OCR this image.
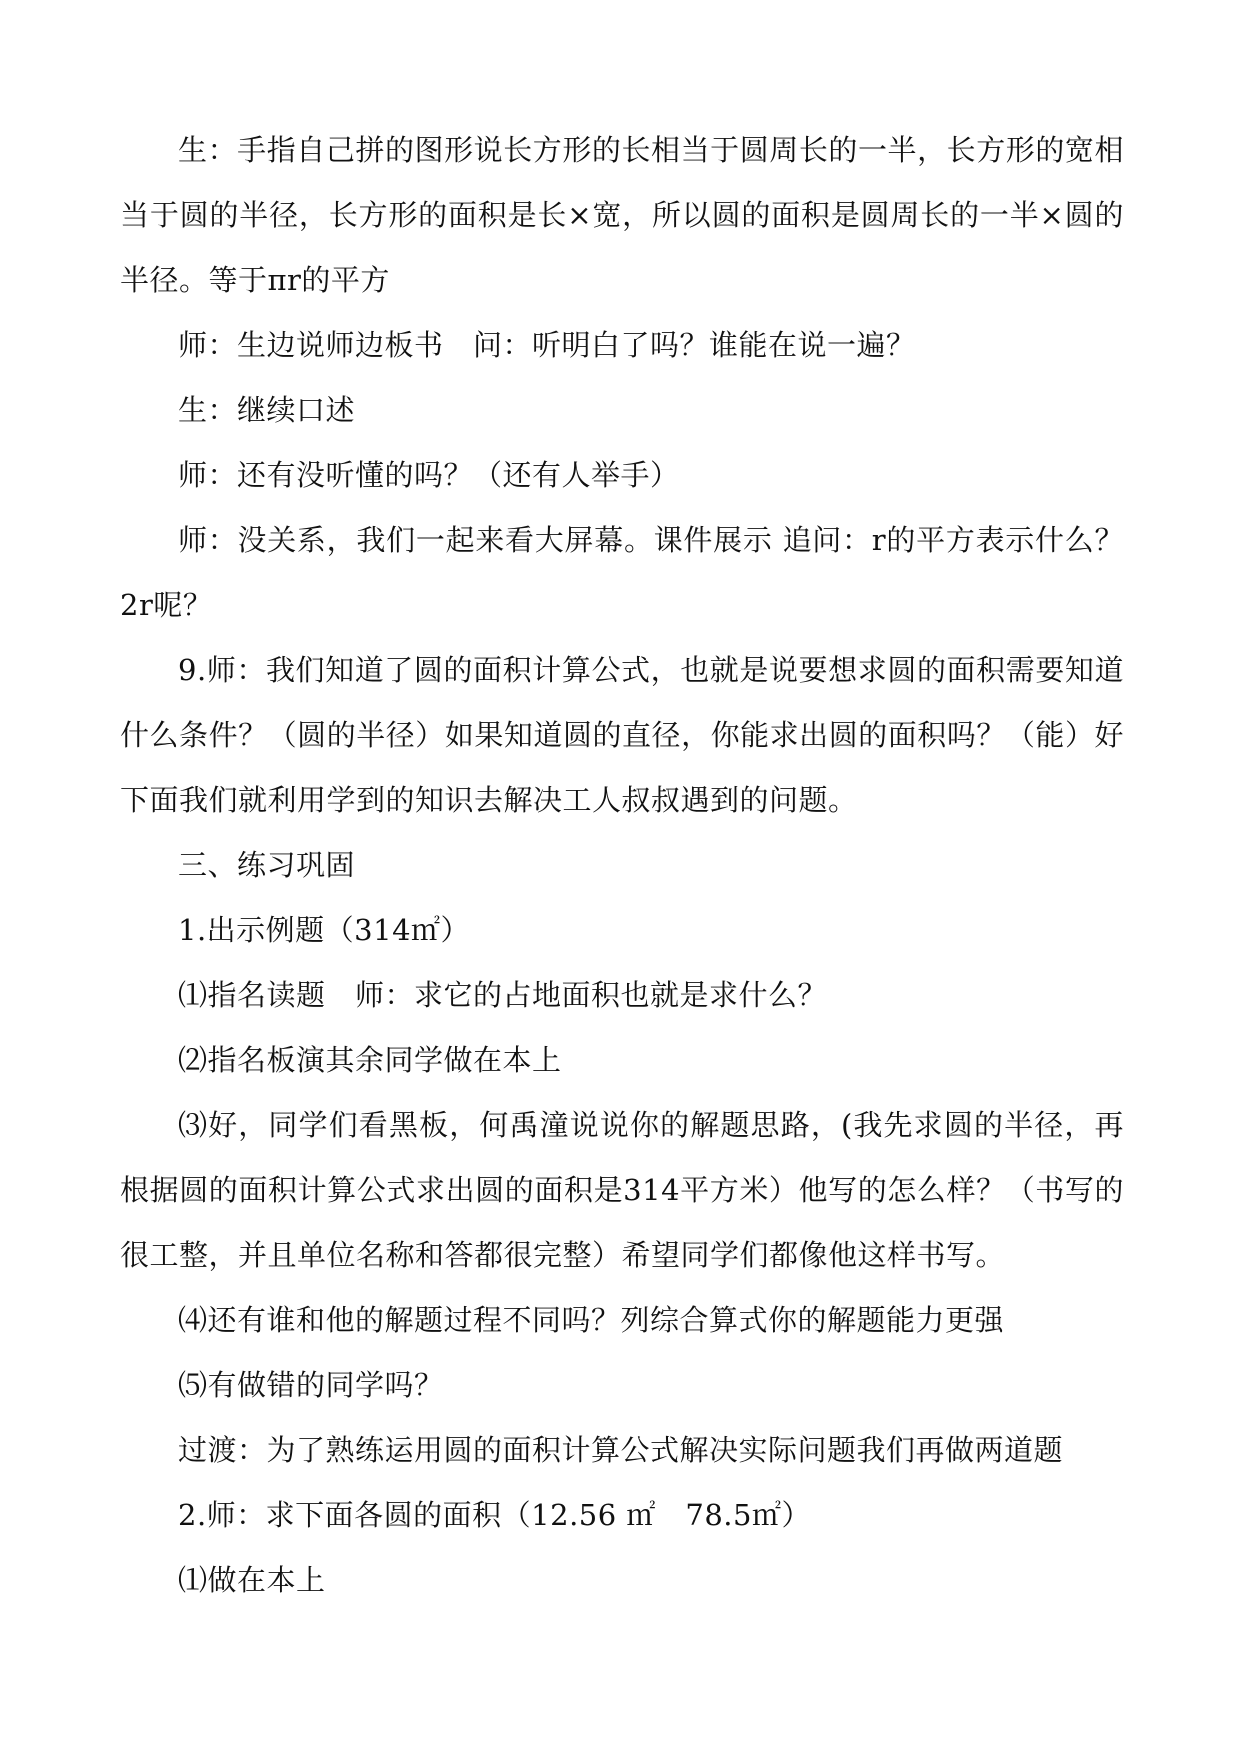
生：手指自己拼的图形说长方形的长相当于圆周长的一半，长方形的宽相当于圆的半径，长方形的面积是长×宽，所以圆的面积是圆周长的一半×圆的半径。等于πr的平方

师：生边说师边板书　问：听明白了吗？谁能在说一遍？

生：继续口述

师：还有没听懂的吗？（还有人举手）

师：没关系，我们一起来看大屏幕。课件展示 追问：r的平方表示什么？2r呢？

9.师：我们知道了圆的面积计算公式，也就是说要想求圆的面积需要知道什么条件？（圆的半径）如果知道圆的直径，你能求出圆的面积吗？（能）好下面我们就利用学到的知识去解决工人叔叔遇到的问题。

三、练习巩固

1.出示例题（314㎡）

⑴指名读题　师：求它的占地面积也就是求什么？

⑵指名板演其余同学做在本上

⑶好，同学们看黑板，何禹潼说说你的解题思路，(我先求圆的半径，再根据圆的面积计算公式求出圆的面积是314平方米）他写的怎么样？（书写的很工整，并且单位名称和答都很完整）希望同学们都像他这样书写。

⑷还有谁和他的解题过程不同吗？列综合算式你的解题能力更强

⑸有做错的同学吗？

过渡：为了熟练运用圆的面积计算公式解决实际问题我们再做两道题

2.师：求下面各圆的面积（12.56 ㎡　78.5㎡）

⑴做在本上
